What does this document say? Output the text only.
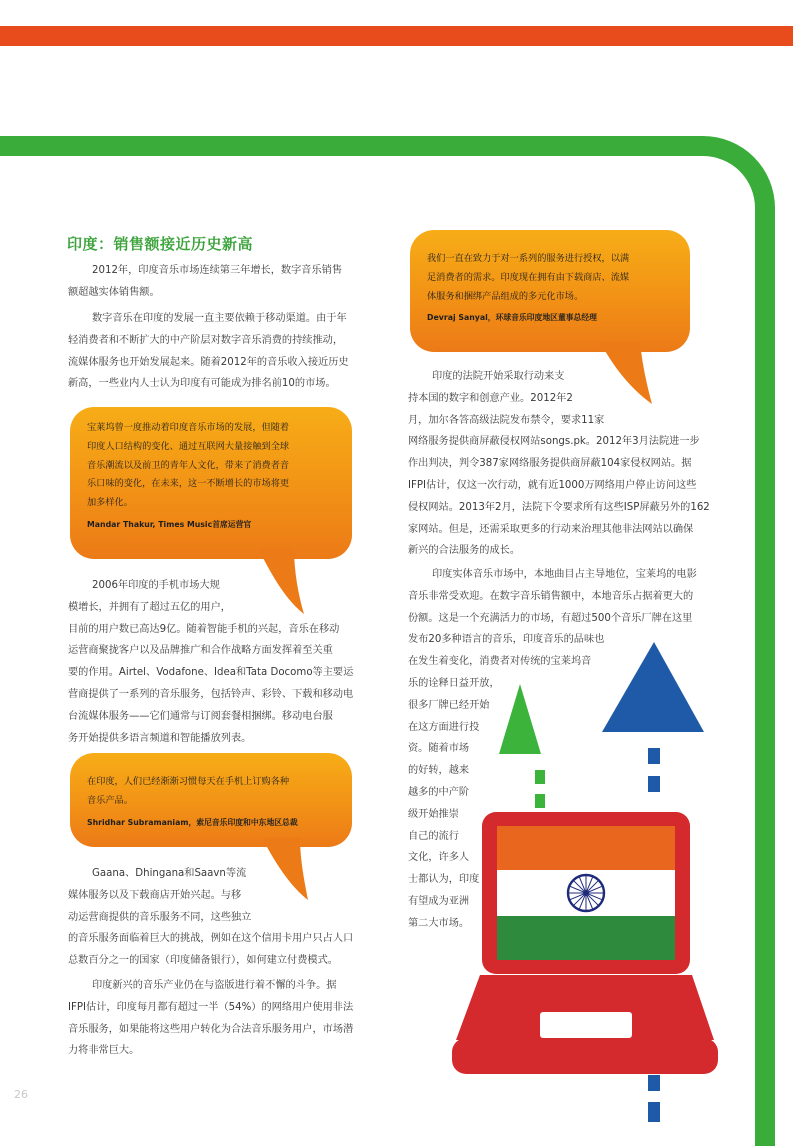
印度：销售额接近历史新高
2012年，印度音乐市场连续第三年增长，数字音乐销售
额超越实体销售额。
数字音乐在印度的发展一直主要依赖于移动渠道。由于年
轻消费者和不断扩大的中产阶层对数字音乐消费的持续推动，
流媒体服务也开始发展起来。随着2012年的音乐收入接近历史
新高，一些业内人士认为印度有可能成为排名前10的市场。
宝莱坞曾一度推动着印度音乐市场的发展，但随着
印度人口结构的变化、通过互联网大量接触到全球
音乐潮流以及前卫的青年人文化，带来了消费者音
乐口味的变化，在未来，这一不断增长的市场将更
加多样化。
Mandar Thakur, Times Music首席运营官
2006年印度的手机市场大规
模增长，并拥有了超过五亿的用户，
目前的用户数已高达9亿。随着智能手机的兴起，音乐在移动
运营商聚拢客户以及品牌推广和合作战略方面发挥着至关重
要的作用。Airtel、Vodafone、Idea和Tata Docomo等主要运
营商提供了一系列的音乐服务，包括铃声、彩铃、下载和移动电
台流媒体服务——它们通常与订阅套餐相捆绑。移动电台服
务开始提供多语言频道和智能播放列表。
在印度，人们已经渐渐习惯每天在手机上订购各种
音乐产品。
Shridhar Subramaniam，索尼音乐印度和中东地区总裁
Gaana、Dhingana和Saavn等流
媒体服务以及下载商店开始兴起。与移
动运营商提供的音乐服务不同，这些独立
的音乐服务面临着巨大的挑战，例如在这个信用卡用户只占人口
总数百分之一的国家（印度储备银行），如何建立付费模式。
印度新兴的音乐产业仍在与盗版进行着不懈的斗争。据
IFPI估计，印度每月都有超过一半（54%）的网络用户使用非法
音乐服务，如果能将这些用户转化为合法音乐服务用户，市场潜
力将非常巨大。
我们一直在致力于对一系列的服务进行授权，以满
足消费者的需求。印度现在拥有由下载商店、流媒
体服务和捆绑产品组成的多元化市场。
Devraj Sanyal，环球音乐印度地区董事总经理
印度的法院开始采取行动来支
持本国的数字和创意产业。2012年2
月，加尔各答高级法院发布禁令，要求11家
网络服务提供商屏蔽侵权网站songs.pk。2012年3月法院进一步
作出判决，判令387家网络服务提供商屏蔽104家侵权网站。据
IFPI估计，仅这一次行动，就有近1000万网络用户停止访问这些
侵权网站。2013年2月，法院下令要求所有这些ISP屏蔽另外的162
家网站。但是，还需采取更多的行动来治理其他非法网站以确保
新兴的合法服务的成长。
印度实体音乐市场中，本地曲目占主导地位，宝莱坞的电影
音乐非常受欢迎。在数字音乐销售额中，本地音乐占据着更大的
份额。这是一个充满活力的市场，有超过500个音乐厂牌在这里
发布20多种语言的音乐，印度音乐的品味也
在发生着变化，消费者对传统的宝莱坞音
乐的诠释日益开放，
很多厂牌已经开始
在这方面进行投
资。随着市场
的好转，越来
越多的中产阶
级开始推崇
自己的流行
文化，许多人
士都认为，印度
有望成为亚洲
第二大市场。
26
